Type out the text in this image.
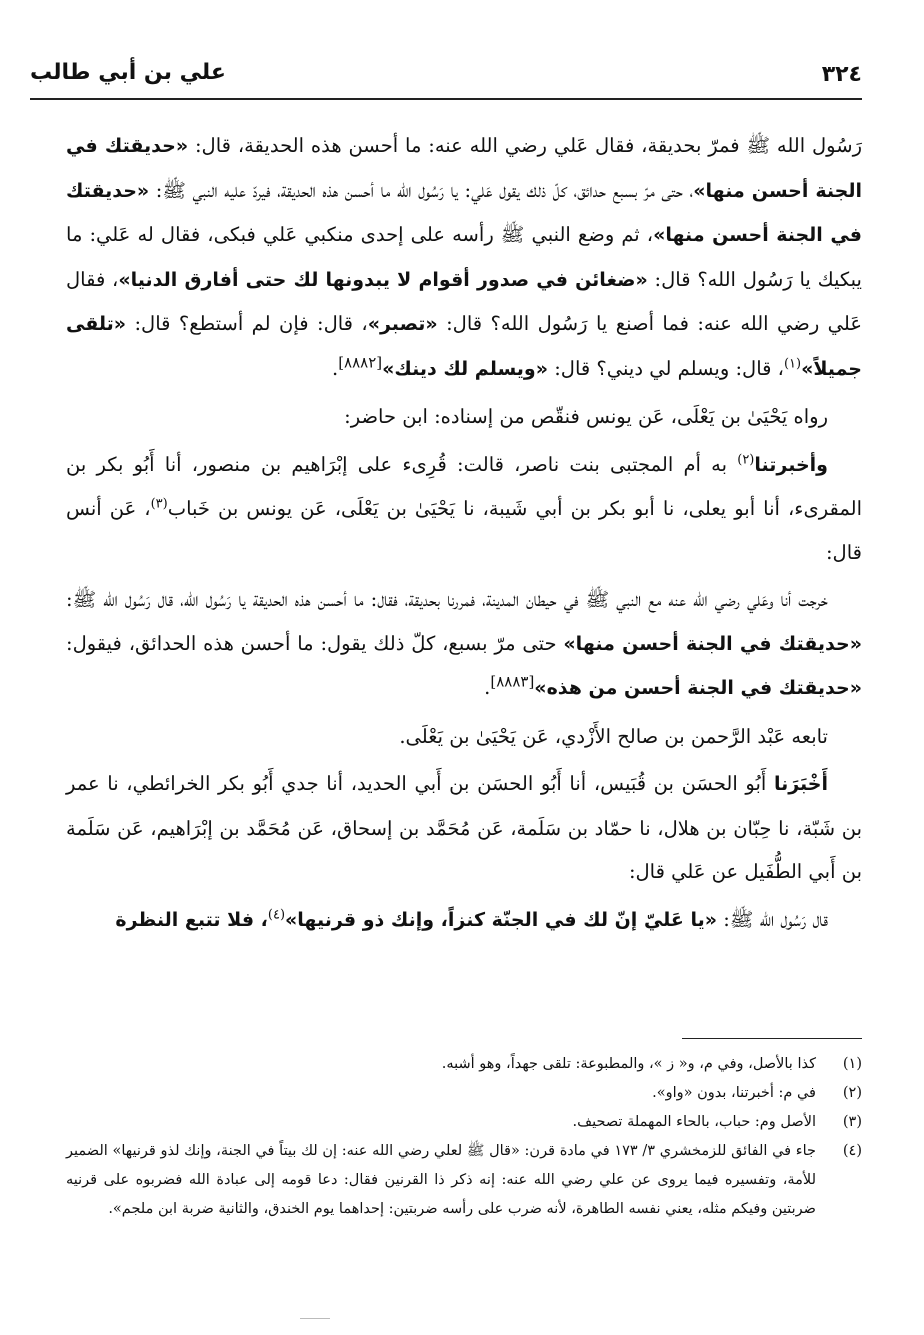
٣٢٤
علي بن أبي طالب

رَسُول الله ﷺ فمرّ بحديقة، فقال عَلي رضي الله عنه: ما أحسن هذه الحديقة، قال: «حديقتك في الجنة أحسن منها»، حتى مرّ بسبع حدائق، كلّ ذلك يقول عَلي: يا رَسُول الله ما أحسن هذه الحديقة، فيردّ عليه النبي ﷺ: «حديقتك في الجنة أحسن منها»، ثم وضع النبي ﷺ رأسه على إحدى منكبي عَلي فبكى، فقال له عَلي: ما يبكيك يا رَسُول الله؟ قال: «ضغائن في صدور أقوام لا يبدونها لك حتى أفارق الدنيا»، فقال عَلي رضي الله عنه: فما أصنع يا رَسُول الله؟ قال: «تصبر»، قال: فإن لم أستطع؟ قال: «تلقى جميلاً»$^{(١)}$، قال: ويسلم لي ديني؟ قال: «ويسلم لك دينك»[٨٨٨٢].

رواه يَحْيَىٰ بن يَعْلَى، عَن يونس فنقّص من إسناده: ابن حاضر:

وأخبرتنا$^{(٢)}$ به أم المجتبى بنت ناصر، قالت: قُرِىء على إبْرَاهيم بن منصور، أنا أَبُو بكر بن المقرىء، أنا أبو يعلى، نا أبو بكر بن أبي شَيبة، نا يَحْيَىٰ بن يَعْلَى، عَن يونس بن خَباب$^{(٣)}$، عَن أنس قال:

خرجت أنا وعَلي رضي الله عنه مع النبي ﷺ في حيطان المدينة، فمررنا بحديقة، فقال: ما أحسن هذه الحديقة يا رَسُول الله، قال رَسُول الله ﷺ: «حديقتك في الجنة أحسن منها» حتى مرّ بسبع، كلّ ذلك يقول: ما أحسن هذه الحدائق، فيقول: «حديقتك في الجنة أحسن من هذه»[٨٨٨٣].

تابعه عَبْد الرَّحمن بن صالح الأَزْدي، عَن يَحْيَىٰ بن يَعْلَى.

أَخْبَرَنا أَبُو الحسَن بن قُبَيس، أنا أَبُو الحسَن بن أَبي الحديد، أنا جدي أَبُو بكر الخرائطي، نا عمر بن شَبّة، نا حِبّان بن هلال، نا حمّاد بن سَلَمة، عَن مُحَمَّد بن إسحاق، عَن مُحَمَّد بن إبْرَاهيم، عَن سَلَمة بن أَبي الطُّفَيل عن عَلي قال:

قال رَسُول الله ﷺ: «يا عَليّ إنّ لك في الجنّة كنزاً، وإنك ذو قرنيها»$^{(٤)}$، فلا تتبع النظرة

(١)
كذا بالأصل، وفي م، و« ز »، والمطبوعة: تلقى جهداً، وهو أشبه.
(٢)
في م: أخبرتنا، بدون «واو».
(٣)
الأصل وم: حباب، بالحاء المهملة تصحيف.
(٤)
جاء في الفائق للزمخشري ٣/ ١٧٣ في مادة قرن: «قال ﷺ لعلي رضي الله عنه: إن لك بيتاً في الجنة، وإنك لذو قرنيها» الضمير للأمة، وتفسيره فيما يروى عن علي رضي الله عنه: إنه ذكر ذا القرنين فقال: دعا قومه إلى عبادة الله فضربوه على قرنيه ضربتين وفيكم مثله، يعني نفسه الطاهرة، لأنه ضرب على رأسه ضربتين: إحداهما يوم الخندق، والثانية ضربة ابن ملجم».
